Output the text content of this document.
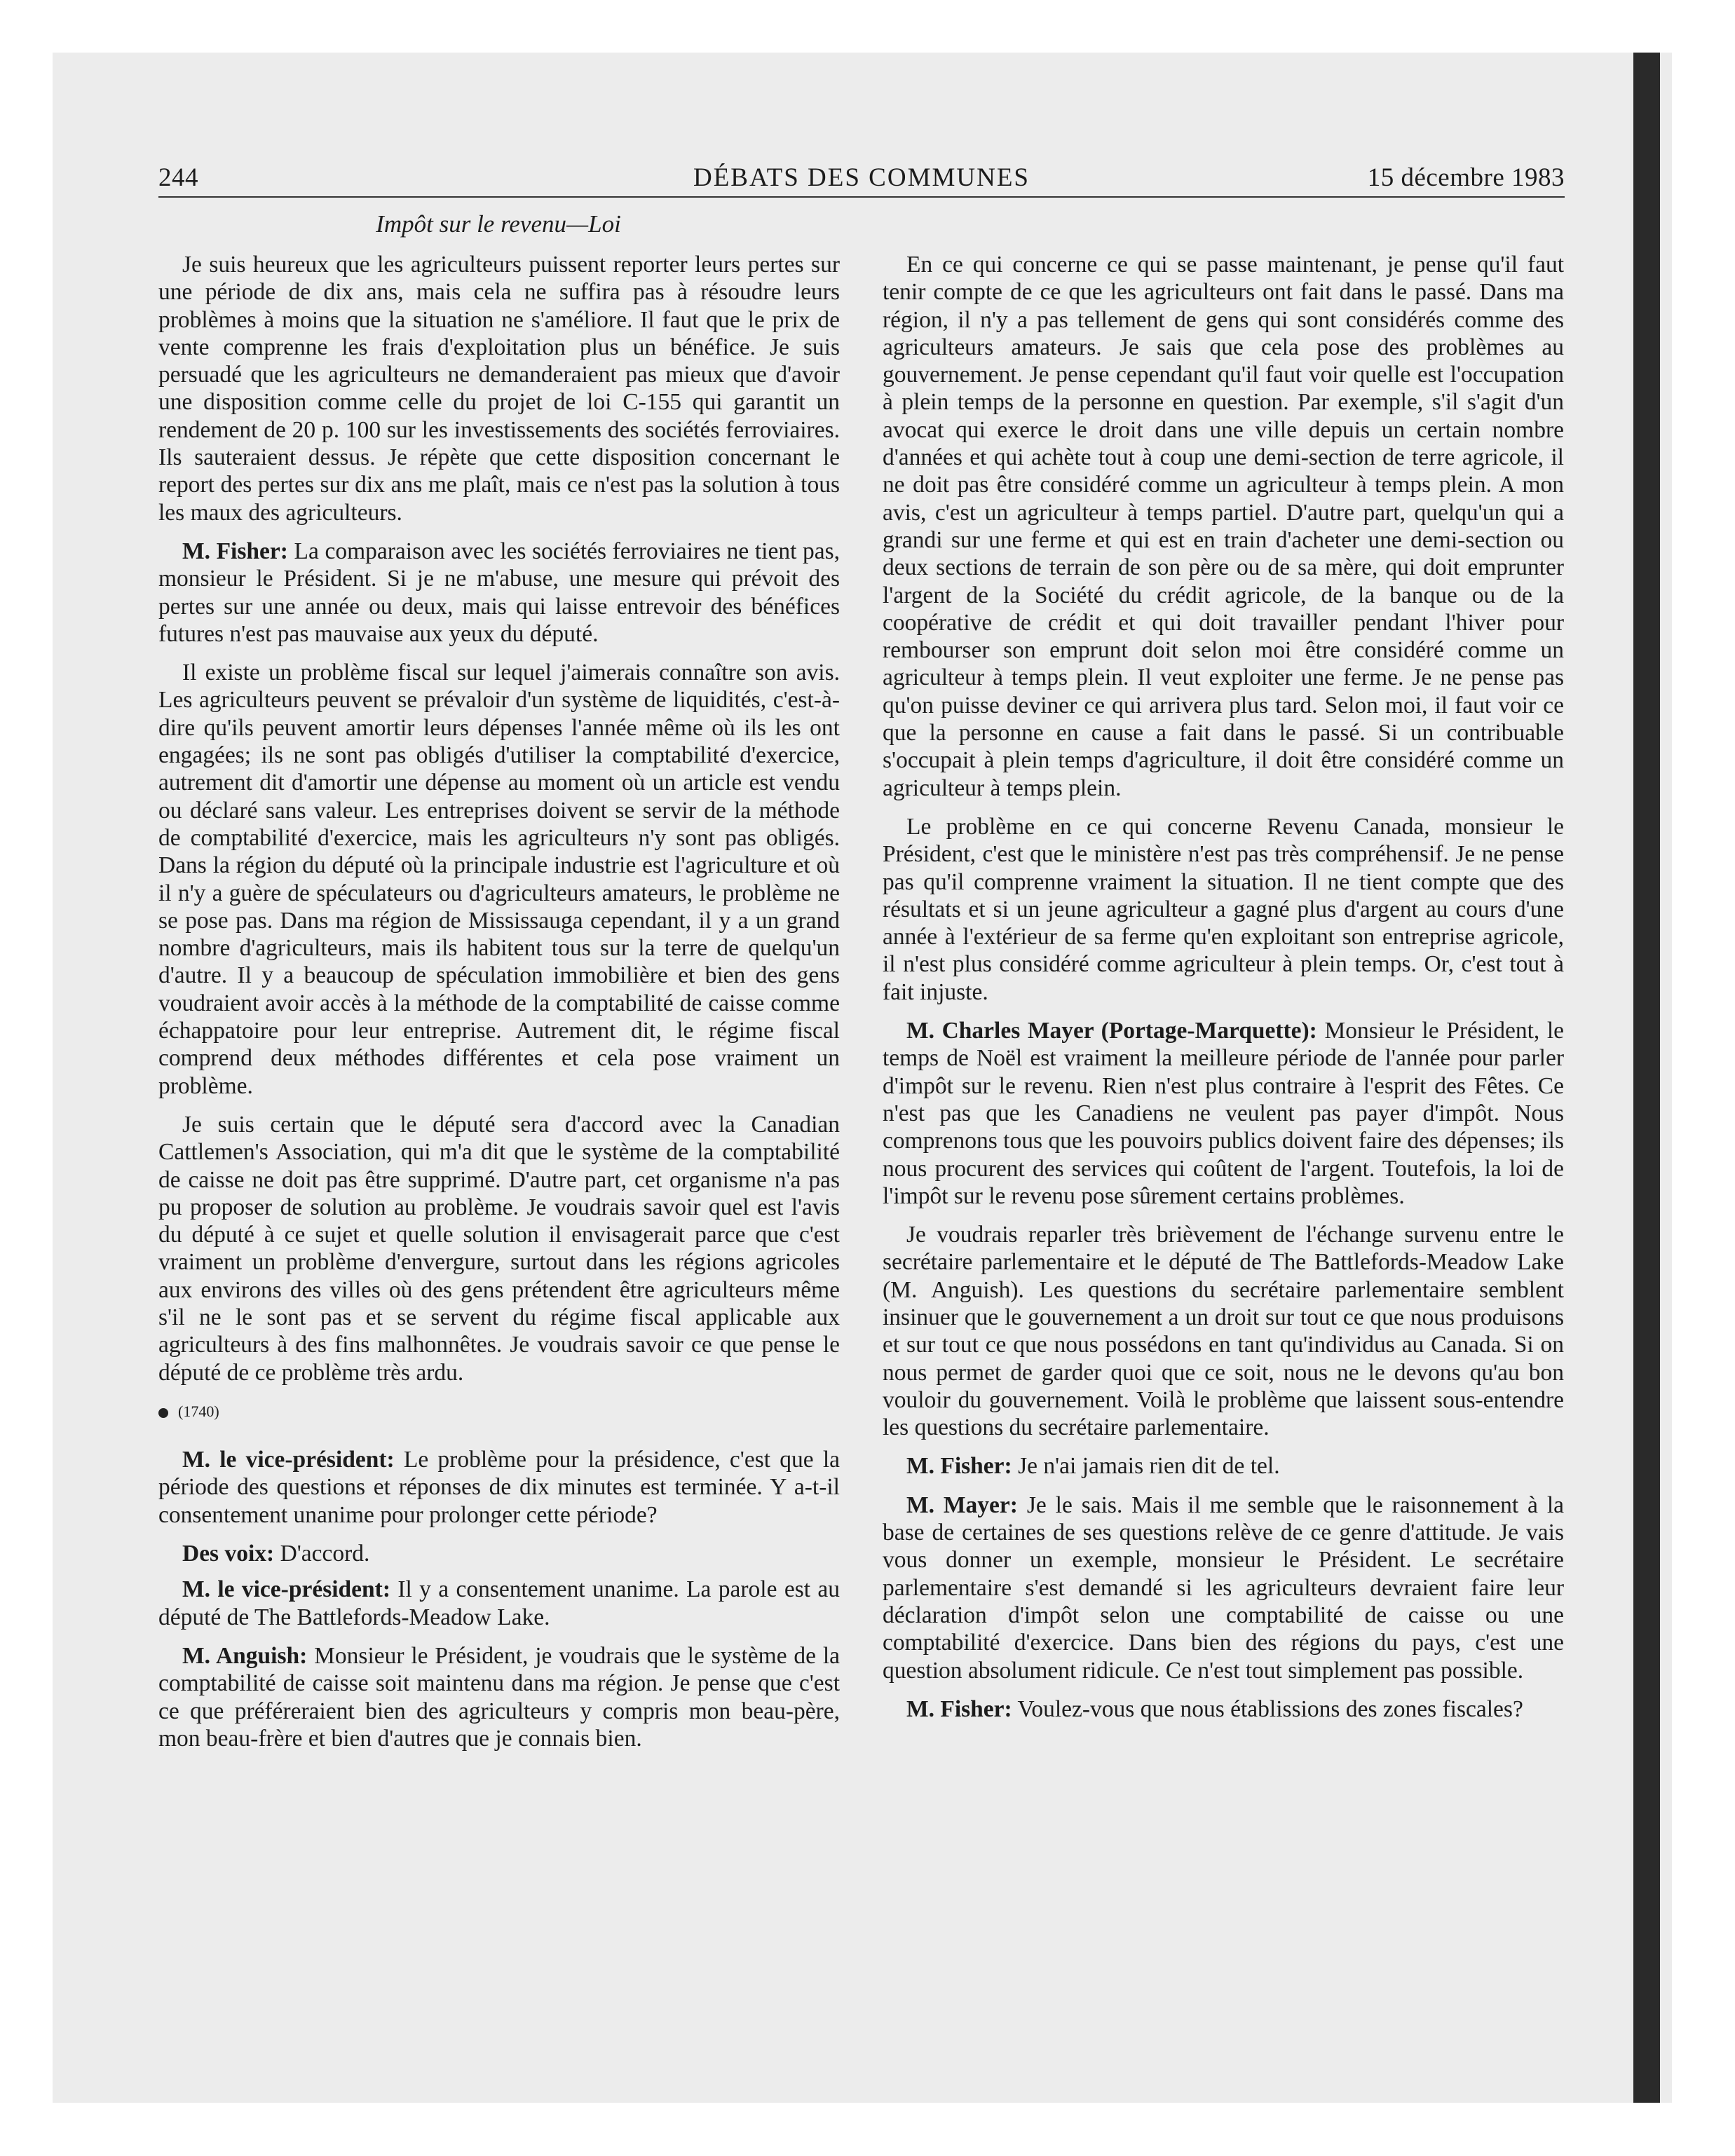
244	DÉBATS DES COMMUNES	15 décembre 1983
Impôt sur le revenu—Loi

Je suis heureux que les agriculteurs puissent reporter leurs pertes sur une période de dix ans, mais cela ne suffira pas à résoudre leurs problèmes à moins que la situation ne s'améliore. Il faut que le prix de vente comprenne les frais d'exploitation plus un bénéfice. Je suis persuadé que les agriculteurs ne demanderaient pas mieux que d'avoir une disposition comme celle du projet de loi C-155 qui garantit un rendement de 20 p. 100 sur les investissements des sociétés ferroviaires. Ils sauteraient dessus. Je répète que cette disposition concernant le report des pertes sur dix ans me plaît, mais ce n'est pas la solution à tous les maux des agriculteurs.

M. Fisher: La comparaison avec les sociétés ferroviaires ne tient pas, monsieur le Président. Si je ne m'abuse, une mesure qui prévoit des pertes sur une année ou deux, mais qui laisse entrevoir des bénéfices futures n'est pas mauvaise aux yeux du député.

Il existe un problème fiscal sur lequel j'aimerais connaître son avis. Les agriculteurs peuvent se prévaloir d'un système de liquidités, c'est-à-dire qu'ils peuvent amortir leurs dépenses l'année même où ils les ont engagées; ils ne sont pas obligés d'utiliser la comptabilité d'exercice, autrement dit d'amortir une dépense au moment où un article est vendu ou déclaré sans valeur. Les entreprises doivent se servir de la méthode de comptabilité d'exercice, mais les agriculteurs n'y sont pas obligés. Dans la région du député où la principale industrie est l'agriculture et où il n'y a guère de spéculateurs ou d'agriculteurs amateurs, le problème ne se pose pas. Dans ma région de Mississauga cependant, il y a un grand nombre d'agriculteurs, mais ils habitent tous sur la terre de quelqu'un d'autre. Il y a beaucoup de spéculation immobilière et bien des gens voudraient avoir accès à la méthode de la comptabilité de caisse comme échappatoire pour leur entreprise. Autrement dit, le régime fiscal comprend deux méthodes différentes et cela pose vraiment un problème.

Je suis certain que le député sera d'accord avec la Canadian Cattlemen's Association, qui m'a dit que le système de la comptabilité de caisse ne doit pas être supprimé. D'autre part, cet organisme n'a pas pu proposer de solution au problème. Je voudrais savoir quel est l'avis du député à ce sujet et quelle solution il envisagerait parce que c'est vraiment un problème d'envergure, surtout dans les régions agricoles aux environs des villes où des gens prétendent être agriculteurs même s'il ne le sont pas et se servent du régime fiscal applicable aux agriculteurs à des fins malhonnêtes. Je voudrais savoir ce que pense le député de ce problème très ardu.

(1740)

M. le vice-président: Le problème pour la présidence, c'est que la période des questions et réponses de dix minutes est terminée. Y a-t-il consentement unanime pour prolonger cette période?

Des voix: D'accord.

M. le vice-président: Il y a consentement unanime. La parole est au député de The Battlefords-Meadow Lake.

M. Anguish: Monsieur le Président, je voudrais que le système de la comptabilité de caisse soit maintenu dans ma région. Je pense que c'est ce que préféreraient bien des agriculteurs y compris mon beau-père, mon beau-frère et bien d'autres que je connais bien.

En ce qui concerne ce qui se passe maintenant, je pense qu'il faut tenir compte de ce que les agriculteurs ont fait dans le passé. Dans ma région, il n'y a pas tellement de gens qui sont considérés comme des agriculteurs amateurs. Je sais que cela pose des problèmes au gouvernement. Je pense cependant qu'il faut voir quelle est l'occupation à plein temps de la personne en question. Par exemple, s'il s'agit d'un avocat qui exerce le droit dans une ville depuis un certain nombre d'années et qui achète tout à coup une demi-section de terre agricole, il ne doit pas être considéré comme un agriculteur à temps plein. A mon avis, c'est un agriculteur à temps partiel. D'autre part, quelqu'un qui a grandi sur une ferme et qui est en train d'acheter une demi-section ou deux sections de terrain de son père ou de sa mère, qui doit emprunter l'argent de la Société du crédit agricole, de la banque ou de la coopérative de crédit et qui doit travailler pendant l'hiver pour rembourser son emprunt doit selon moi être considéré comme un agriculteur à temps plein. Il veut exploiter une ferme. Je ne pense pas qu'on puisse deviner ce qui arrivera plus tard. Selon moi, il faut voir ce que la personne en cause a fait dans le passé. Si un contribuable s'occupait à plein temps d'agriculture, il doit être considéré comme un agriculteur à temps plein.

Le problème en ce qui concerne Revenu Canada, monsieur le Président, c'est que le ministère n'est pas très compréhensif. Je ne pense pas qu'il comprenne vraiment la situation. Il ne tient compte que des résultats et si un jeune agriculteur a gagné plus d'argent au cours d'une année à l'extérieur de sa ferme qu'en exploitant son entreprise agricole, il n'est plus considéré comme agriculteur à plein temps. Or, c'est tout à fait injuste.

M. Charles Mayer (Portage-Marquette): Monsieur le Président, le temps de Noël est vraiment la meilleure période de l'année pour parler d'impôt sur le revenu. Rien n'est plus contraire à l'esprit des Fêtes. Ce n'est pas que les Canadiens ne veulent pas payer d'impôt. Nous comprenons tous que les pouvoirs publics doivent faire des dépenses; ils nous procurent des services qui coûtent de l'argent. Toutefois, la loi de l'impôt sur le revenu pose sûrement certains problèmes.

Je voudrais reparler très brièvement de l'échange survenu entre le secrétaire parlementaire et le député de The Battlefords-Meadow Lake (M. Anguish). Les questions du secrétaire parlementaire semblent insinuer que le gouvernement a un droit sur tout ce que nous produisons et sur tout ce que nous possédons en tant qu'individus au Canada. Si on nous permet de garder quoi que ce soit, nous ne le devons qu'au bon vouloir du gouvernement. Voilà le problème que laissent sous-entendre les questions du secrétaire parlementaire.

M. Fisher: Je n'ai jamais rien dit de tel.

M. Mayer: Je le sais. Mais il me semble que le raisonnement à la base de certaines de ses questions relève de ce genre d'attitude. Je vais vous donner un exemple, monsieur le Président. Le secrétaire parlementaire s'est demandé si les agriculteurs devraient faire leur déclaration d'impôt selon une comptabilité de caisse ou une comptabilité d'exercice. Dans bien des régions du pays, c'est une question absolument ridicule. Ce n'est tout simplement pas possible.

M. Fisher: Voulez-vous que nous établissions des zones fiscales?
